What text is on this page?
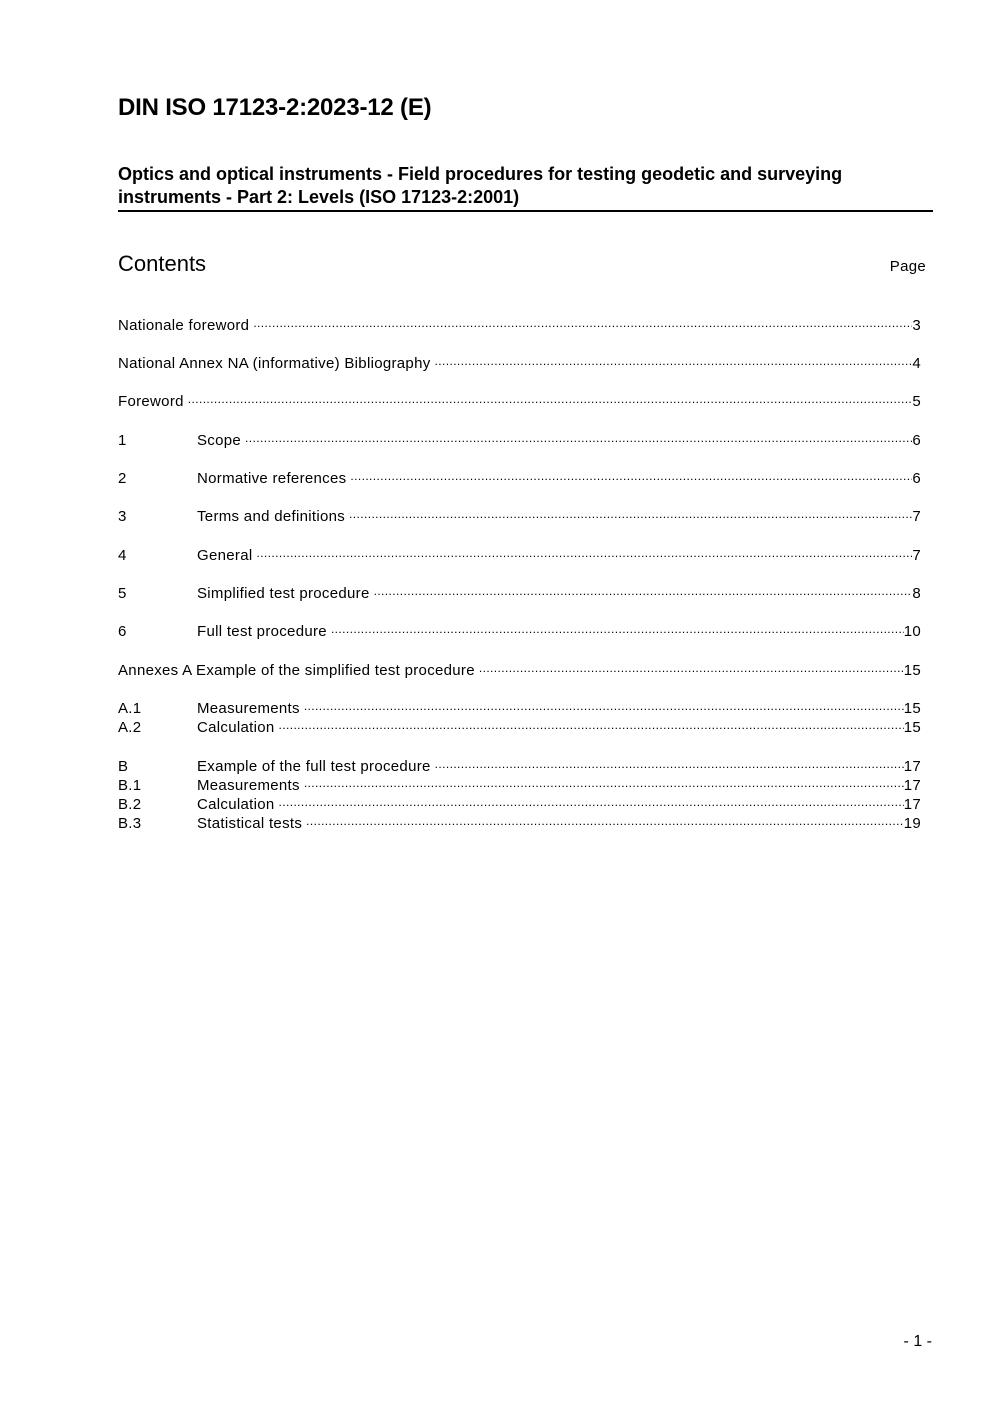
DIN ISO 17123-2:2023-12 (E)
Optics and optical instruments - Field procedures for testing geodetic and surveying instruments - Part 2: Levels (ISO 17123-2:2001)
Contents	Page
Nationale foreword .....	3
National Annex NA (informative) Bibliography .....	4
Foreword .....	5
1	Scope .....	6
2	Normative references .....	6
3	Terms and definitions .....	7
4	General .....	7
5	Simplified test procedure .....	8
6	Full test procedure .....	10
Annexes A Example of the simplified test procedure .....	15
A.1	Measurements .....	15
A.2	Calculation .....	15
B	Example of the full test procedure .....	17
B.1	Measurements .....	17
B.2	Calculation .....	17
B.3	Statistical tests .....	19
- 1 -
